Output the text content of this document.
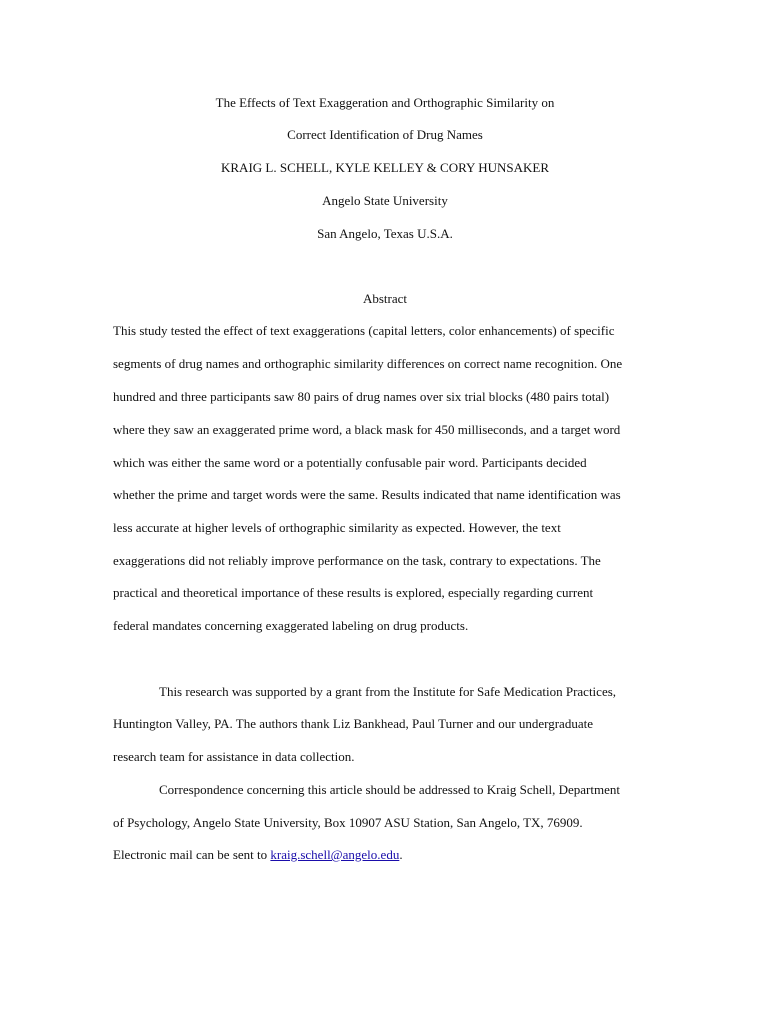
The Effects of Text Exaggeration and Orthographic Similarity on
Correct Identification of Drug Names
KRAIG L. SCHELL, KYLE KELLEY & CORY HUNSAKER
Angelo State University
San Angelo, Texas U.S.A.
Abstract
This study tested the effect of text exaggerations (capital letters, color enhancements) of specific
segments of drug names and orthographic similarity differences on correct name recognition. One
hundred and three participants saw 80 pairs of drug names over six trial blocks (480 pairs total)
where they saw an exaggerated prime word, a black mask for 450 milliseconds, and a target word
which was either the same word or a potentially confusable pair word. Participants decided
whether the prime and target words were the same. Results indicated that name identification was
less accurate at higher levels of orthographic similarity as expected. However, the text
exaggerations did not reliably improve performance on the task, contrary to expectations. The
practical and theoretical importance of these results is explored, especially regarding current
federal mandates concerning exaggerated labeling on drug products.
This research was supported by a grant from the Institute for Safe Medication Practices,
Huntington Valley, PA. The authors thank Liz Bankhead, Paul Turner and our undergraduate
research team for assistance in data collection.
Correspondence concerning this article should be addressed to Kraig Schell, Department
of Psychology, Angelo State University, Box 10907 ASU Station, San Angelo, TX, 76909.
Electronic mail can be sent to kraig.schell@angelo.edu.
